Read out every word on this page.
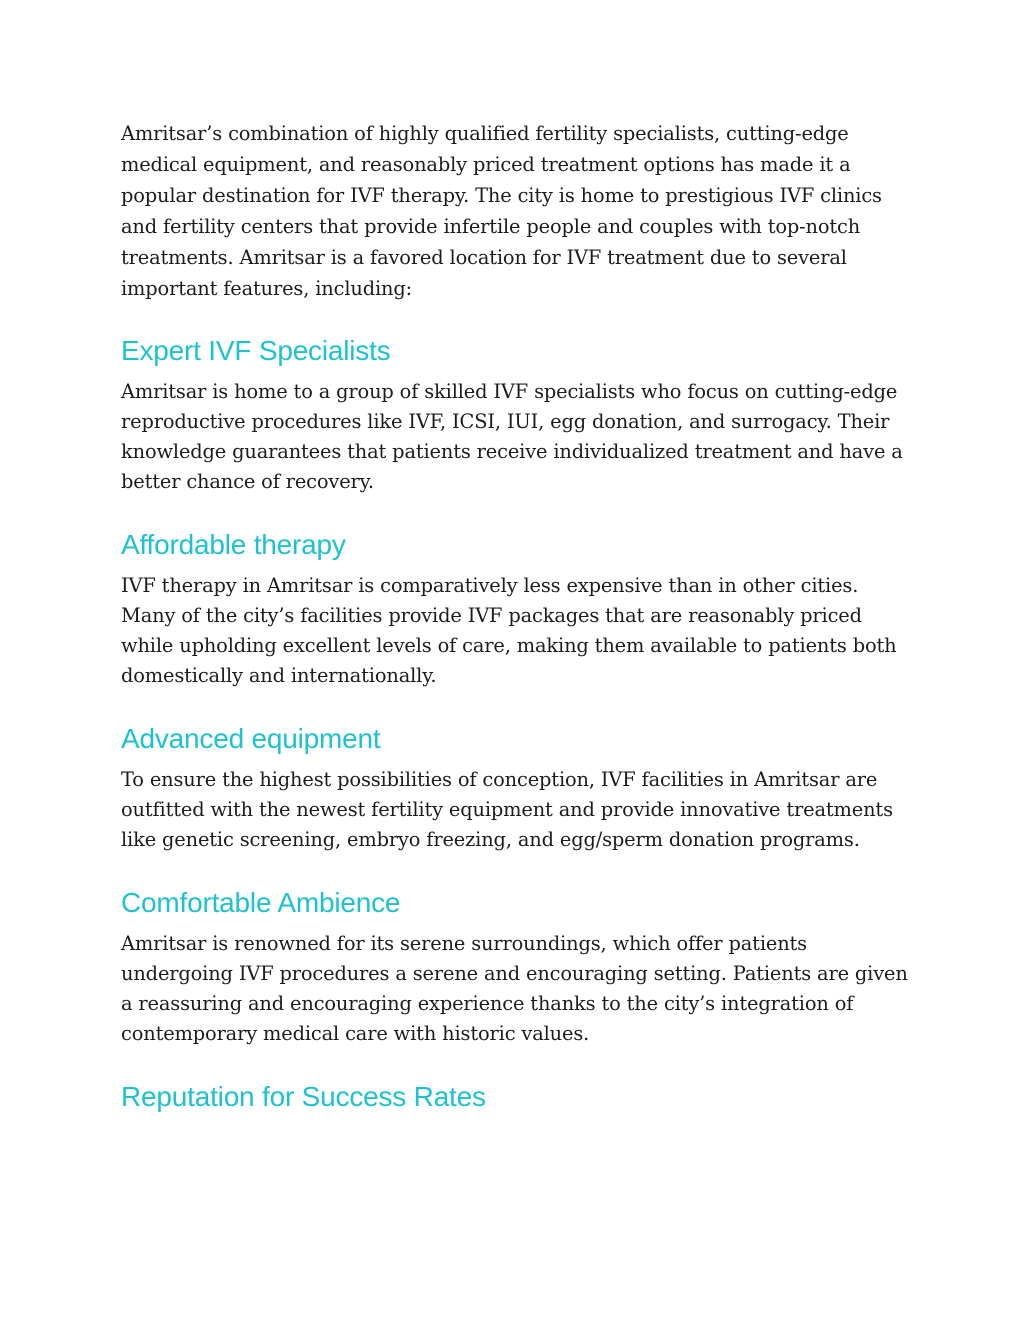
Amritsar’s combination of highly qualified fertility specialists, cutting-edge medical equipment, and reasonably priced treatment options has made it a popular destination for IVF therapy. The city is home to prestigious IVF clinics and fertility centers that provide infertile people and couples with top-notch treatments. Amritsar is a favored location for IVF treatment due to several important features, including:

Expert IVF Specialists

Amritsar is home to a group of skilled IVF specialists who focus on cutting-edge reproductive procedures like IVF, ICSI, IUI, egg donation, and surrogacy. Their knowledge guarantees that patients receive individualized treatment and have a better chance of recovery.

Affordable therapy

IVF therapy in Amritsar is comparatively less expensive than in other cities. Many of the city’s facilities provide IVF packages that are reasonably priced while upholding excellent levels of care, making them available to patients both domestically and internationally.

Advanced equipment

To ensure the highest possibilities of conception, IVF facilities in Amritsar are outfitted with the newest fertility equipment and provide innovative treatments like genetic screening, embryo freezing, and egg/sperm donation programs.

Comfortable Ambience

Amritsar is renowned for its serene surroundings, which offer patients undergoing IVF procedures a serene and encouraging setting. Patients are given a reassuring and encouraging experience thanks to the city’s integration of contemporary medical care with historic values.

Reputation for Success Rates
